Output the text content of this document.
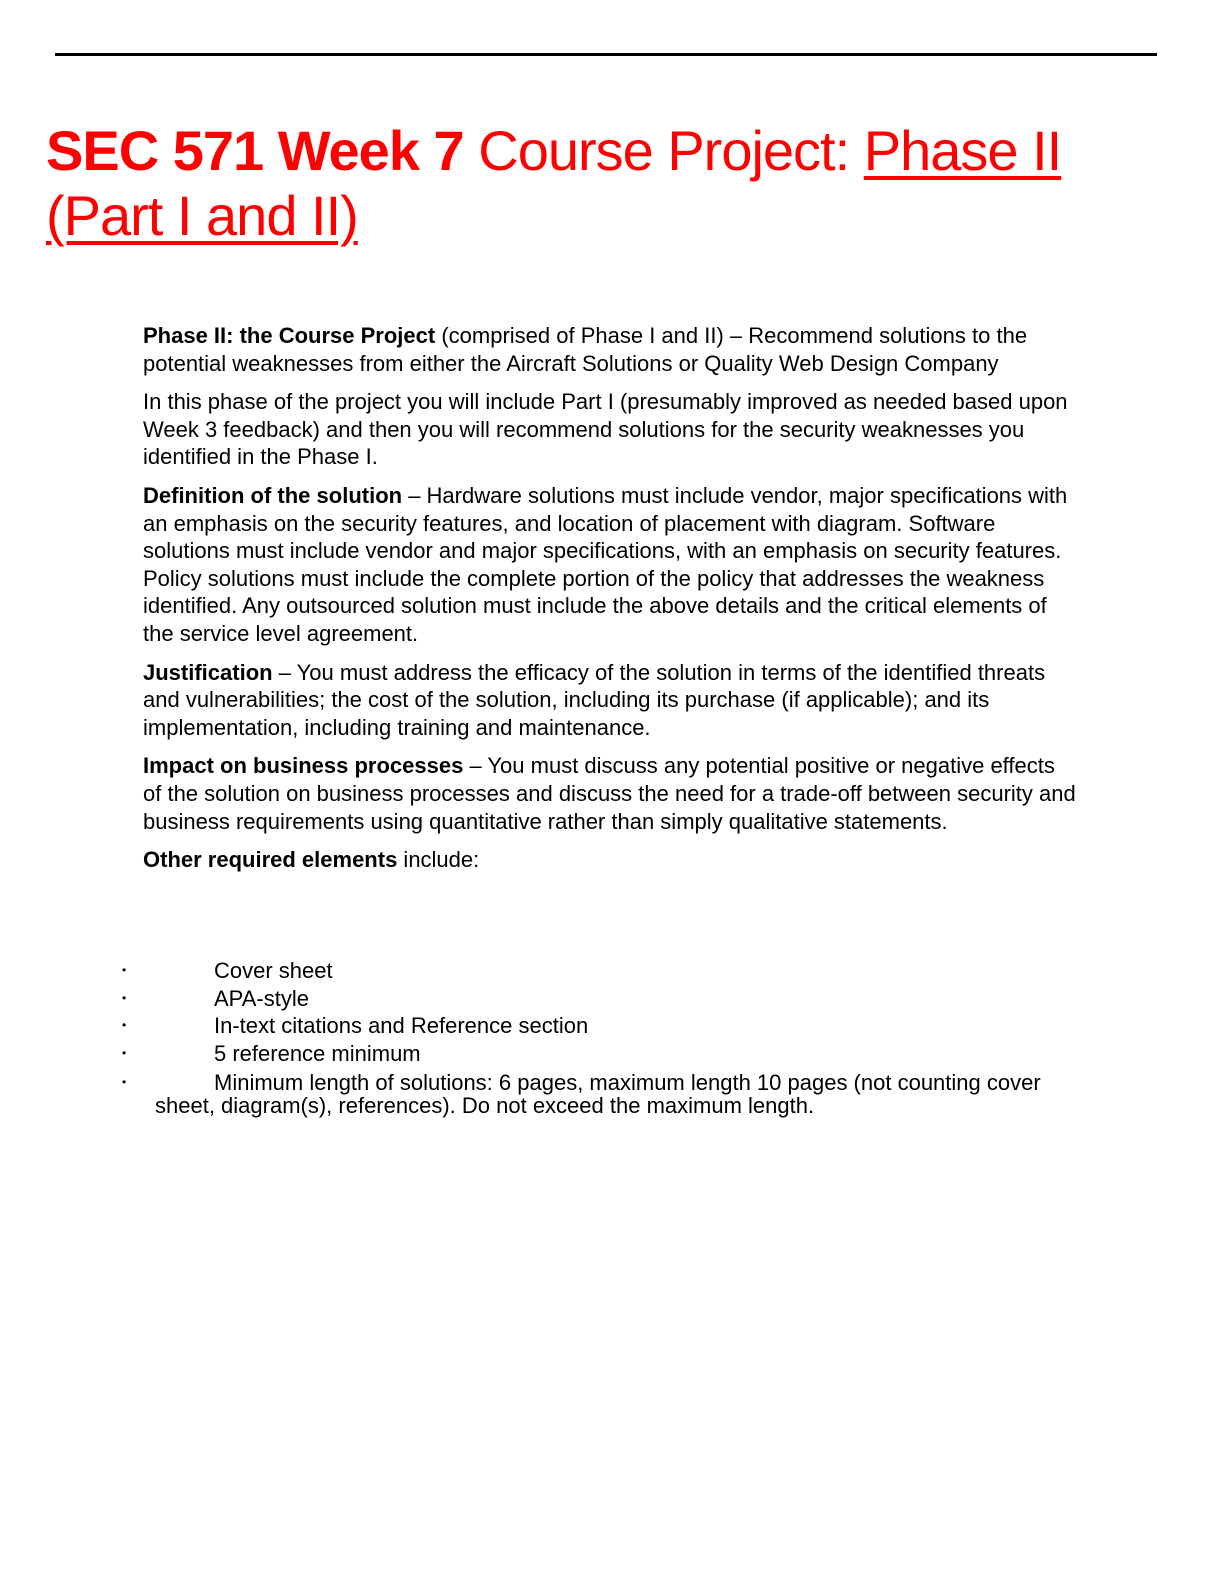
SEC 571 Week 7 Course Project: Phase II
(Part I and II)

Phase II: the Course Project (comprised of Phase I and II) – Recommend solutions to the potential weaknesses from either the Aircraft Solutions or Quality Web Design Company

In this phase of the project you will include Part I (presumably improved as needed based upon Week 3 feedback) and then you will recommend solutions for the security weaknesses you identified in the Phase I.

Definition of the solution – Hardware solutions must include vendor, major specifications with an emphasis on the security features, and location of placement with diagram. Software solutions must include vendor and major specifications, with an emphasis on security features. Policy solutions must include the complete portion of the policy that addresses the weakness identified. Any outsourced solution must include the above details and the critical elements of the service level agreement.

Justification – You must address the efficacy of the solution in terms of the identified threats and vulnerabilities; the cost of the solution, including its purchase (if applicable); and its implementation, including training and maintenance.

Impact on business processes – You must discuss any potential positive or negative effects of the solution on business processes and discuss the need for a trade-off between security and business requirements using quantitative rather than simply qualitative statements.

Other required elements include:

•	Cover sheet
•	APA-style
•	In-text citations and Reference section
•	5 reference minimum
•	Minimum length of solutions: 6 pages, maximum length 10 pages (not counting cover sheet, diagram(s), references). Do not exceed the maximum length.
